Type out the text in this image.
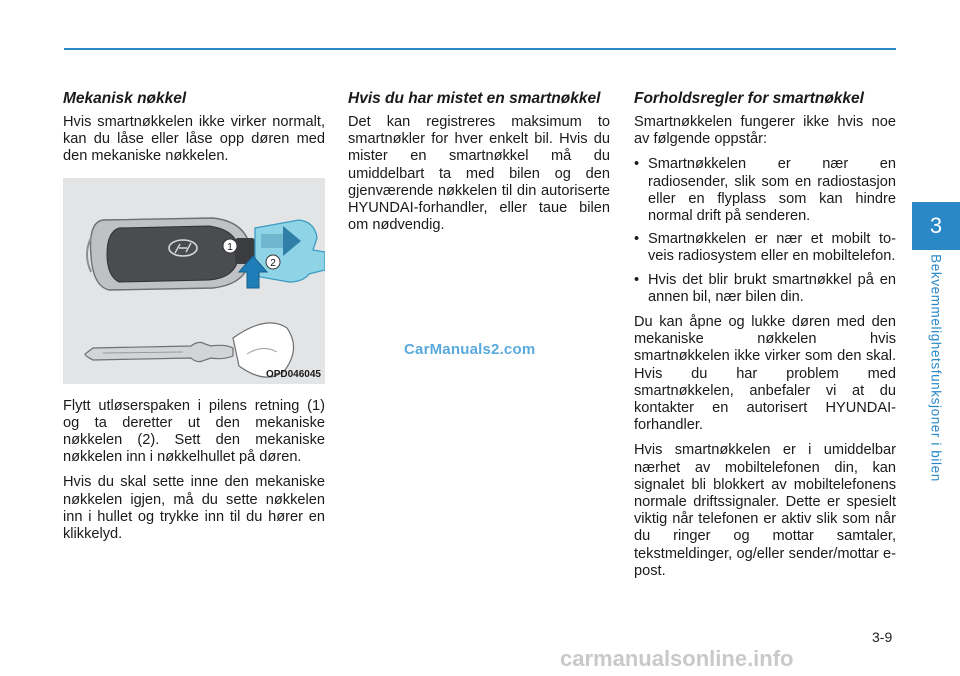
Mekanisk nøkkel

Hvis smartnøkkelen ikke virker normalt, kan du låse eller låse opp døren med den mekaniske nøkkelen.

1
2
OPD046045

Flytt utløserspaken i pilens retning (1) og ta deretter ut den mekaniske nøkkelen (2). Sett den mekaniske nøkkelen inn i nøkkelhullet på døren.

Hvis du skal sette inne den mekaniske nøkkelen igjen, må du sette nøkkelen inn i hullet og trykke inn til du hører en klikkelyd.

Hvis du har mistet en smartnøkkel

Det kan registreres maksimum to smartnøkler for hver enkelt bil. Hvis du mister en smartnøkkel må du umiddelbart ta med bilen og den gjenværende nøkkelen til din autoriserte HYUNDAI-forhandler, eller taue bilen om nødvendig.

Forholdsregler for smartnøkkel

Smartnøkkelen fungerer ikke hvis noe av følgende oppstår:

• Smartnøkkelen er nær en radiosender, slik som en radiostasjon eller en flyplass som kan hindre normal drift på senderen.
• Smartnøkkelen er nær et mobilt to-veis radiosystem eller en mobiltelefon.
• Hvis det blir brukt smartnøkkel på en annen bil, nær bilen din.

Du kan åpne og lukke døren med den mekaniske nøkkelen hvis smartnøkkelen ikke virker som den skal. Hvis du har problem med smartnøkkelen, anbefaler vi at du kontakter en autorisert HYUNDAI-forhandler.

Hvis smartnøkkelen er i umiddelbar nærhet av mobiltelefonen din, kan signalet bli blokkert av mobiltelefonens normale driftssignaler. Dette er spesielt viktig når telefonen er aktiv slik som når du ringer og mottar samtaler, tekstmeldinger, og/eller sender/mottar e-post.

CarManuals2.com
3
Bekvemmelighetsfunksjoner i bilen
3-9
carmanualsonline.info
